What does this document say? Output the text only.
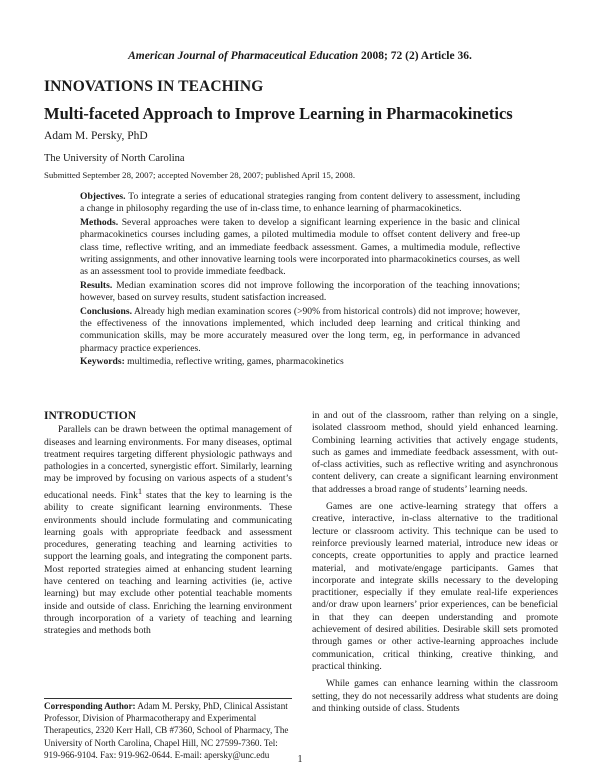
American Journal of Pharmaceutical Education 2008; 72 (2) Article 36.
INNOVATIONS IN TEACHING
Multi-faceted Approach to Improve Learning in Pharmacokinetics
Adam M. Persky, PhD
The University of North Carolina
Submitted September 28, 2007; accepted November 28, 2007; published April 15, 2008.

Objectives. To integrate a series of educational strategies ranging from content delivery to assessment, including a change in philosophy regarding the use of in-class time, to enhance learning of pharmacokinetics.

Methods. Several approaches were taken to develop a significant learning experience in the basic and clinical pharmacokinetics courses including games, a piloted multimedia module to offset content delivery and free-up class time, reflective writing, and an immediate feedback assessment. Games, a multimedia module, reflective writing assignments, and other innovative learning tools were incorporated into pharmacokinetics courses, as well as an assessment tool to provide immediate feedback.

Results. Median examination scores did not improve following the incorporation of the teaching innovations; however, based on survey results, student satisfaction increased.

Conclusions. Already high median examination scores (>90% from historical controls) did not improve; however, the effectiveness of the innovations implemented, which included deep learning and critical thinking and communication skills, may be more accurately measured over the long term, eg, in performance in advanced pharmacy practice experiences.

Keywords: multimedia, reflective writing, games, pharmacokinetics

INTRODUCTION

Parallels can be drawn between the optimal management of diseases and learning environments. For many diseases, optimal treatment requires targeting different physiologic pathways and pathologies in a concerted, synergistic effort. Similarly, learning may be improved by focusing on various aspects of a student’s educational needs. Fink$^1$ states that the key to learning is the ability to create significant learning environments. These environments should include formulating and communicating learning goals with appropriate feedback and assessment procedures, generating teaching and learning activities to support the learning goals, and integrating the component parts. Most reported strategies aimed at enhancing student learning have centered on teaching and learning activities (ie, active learning) but may exclude other potential teachable moments inside and outside of class. Enriching the learning environment through incorporation of a variety of teaching and learning strategies and methods both

in and out of the classroom, rather than relying on a single, isolated classroom method, should yield enhanced learning. Combining learning activities that actively engage students, such as games and immediate feedback assessment, with out-of-class activities, such as reflective writing and asynchronous content delivery, can create a significant learning environment that addresses a broad range of students’ learning needs.

Games are one active-learning strategy that offers a creative, interactive, in-class alternative to the traditional lecture or classroom activity. This technique can be used to reinforce previously learned material, introduce new ideas or concepts, create opportunities to apply and practice learned material, and motivate/engage participants. Games that incorporate and integrate skills necessary to the developing practitioner, especially if they emulate real-life experiences and/or draw upon learners’ prior experiences, can be beneficial in that they can deepen understanding and promote achievement of desired abilities. Desirable skill sets promoted through games or other active-learning approaches include communication, critical thinking, creative thinking, and practical thinking.

While games can enhance learning within the classroom setting, they do not necessarily address what students are doing and thinking outside of class. Students

Corresponding Author: Adam M. Persky, PhD, Clinical Assistant Professor, Division of Pharmacotherapy and Experimental Therapeutics, 2320 Kerr Hall, CB #7360, School of Pharmacy, The University of North Carolina, Chapel Hill, NC 27599-7360. Tel: 919-966-9104. Fax: 919-962-0644. E-mail: apersky@unc.edu	1
